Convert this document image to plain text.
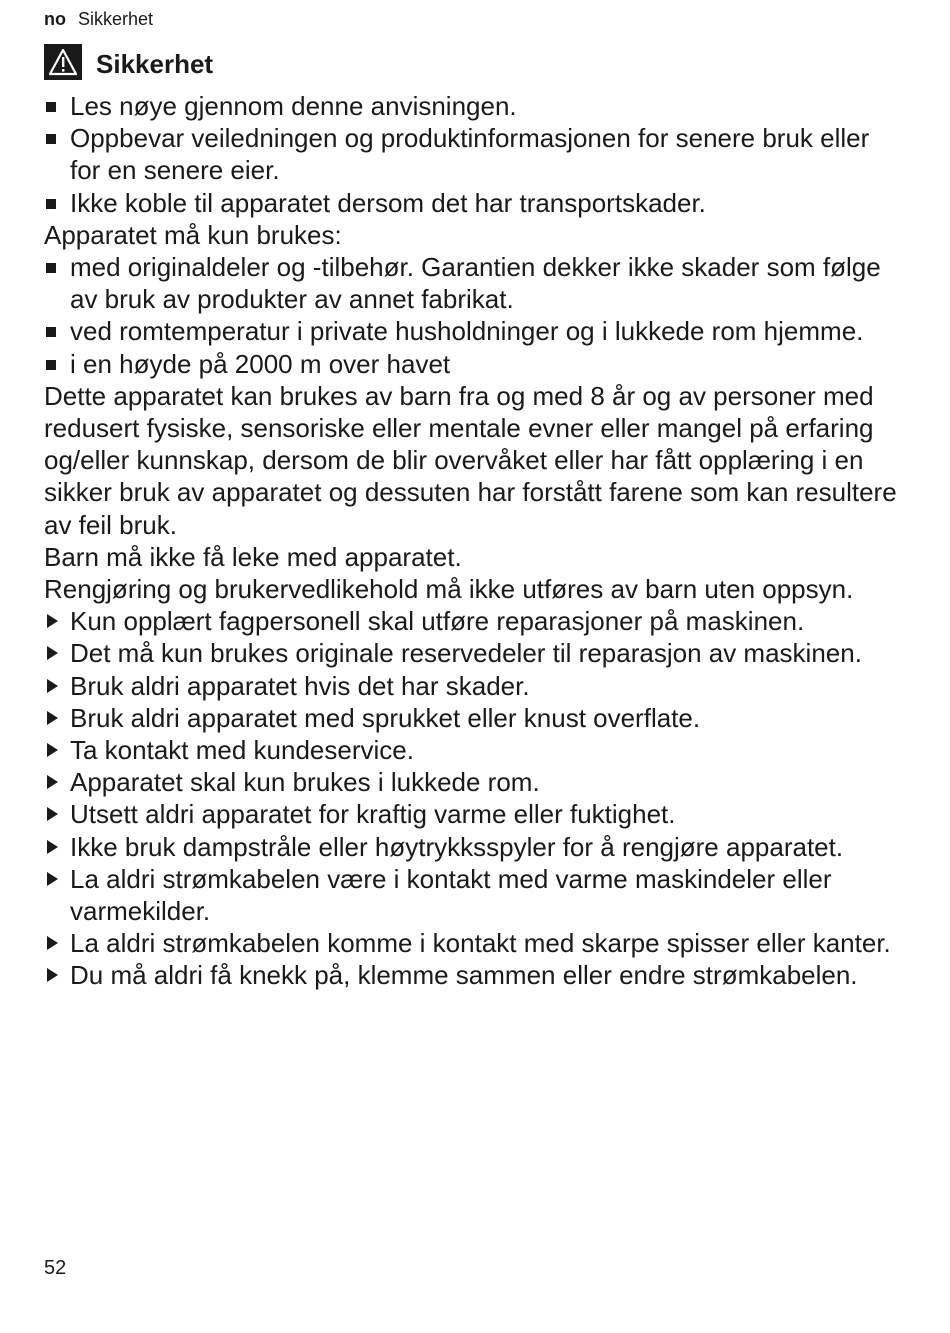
no Sikkerhet
Sikkerhet
Les nøye gjennom denne anvisningen.
Oppbevar veiledningen og produktinformasjonen for senere bruk eller for en senere eier.
Ikke koble til apparatet dersom det har transportskader.

Apparatet må kun brukes:

med originaldeler og -tilbehør. Garantien dekker ikke skader som følge av bruk av produkter av annet fabrikat.
ved romtemperatur i private husholdninger og i lukkede rom hjemme.
i en høyde på 2000 m over havet

Dette apparatet kan brukes av barn fra og med 8 år og av personer med redusert fysiske, sensoriske eller mentale evner eller mangel på erfaring og/eller kunnskap, dersom de blir overvåket eller har fått opplæring i en sikker bruk av apparatet og dessuten har forstått farene som kan resultere av feil bruk.

Barn må ikke få leke med apparatet.

Rengjøring og brukervedlikehold må ikke utføres av barn uten oppsyn.

Kun opplært fagpersonell skal utføre reparasjoner på maskinen.
Det må kun brukes originale reservedeler til reparasjon av maskinen.
Bruk aldri apparatet hvis det har skader.
Bruk aldri apparatet med sprukket eller knust overflate.
Ta kontakt med kundeservice.
Apparatet skal kun brukes i lukkede rom.
Utsett aldri apparatet for kraftig varme eller fuktighet.
Ikke bruk dampstråle eller høytrykksspyler for å rengjøre apparatet.
La aldri strømkabelen være i kontakt med varme maskindeler eller varmekilder.
La aldri strømkabelen komme i kontakt med skarpe spisser eller kanter.
Du må aldri få knekk på, klemme sammen eller endre strømkabelen.
52
